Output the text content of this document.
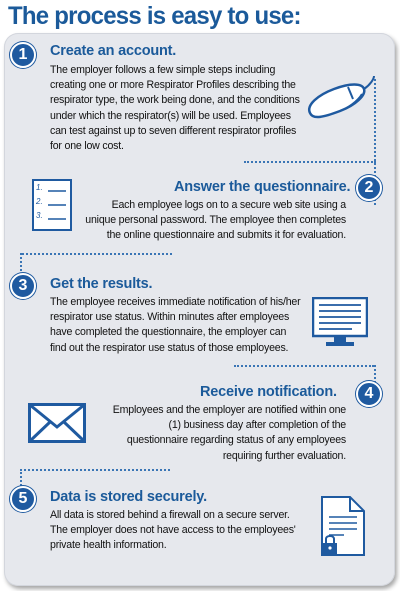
The process is easy to use:
1	Create an account.
The employer follows a few simple steps including creating one or more Respirator Profiles describing the respirator type, the work being done, and the conditions under which the respirator(s) will be used. Employees can test against up to seven different respirator profiles for one low cost.
2
Answer the questionnaire.
Each employee logs on to a secure web site using a unique personal password. The employee then completes the online questionnaire and submits it for evaluation.
1.
2.
3.
3	Get the results.
The employee receives immediate notification of his/her respirator use status. Within minutes after employees have completed the questionnaire, the employer can find out the respirator use status of those employees.
4
Receive notification.
Employees and the employer are notified within one (1) business day after completion of the questionnaire regarding status of any employees requiring further evaluation.
5	Data is stored securely.
All data is stored behind a firewall on a secure server. The employer does not have access to the employees' private health information.
